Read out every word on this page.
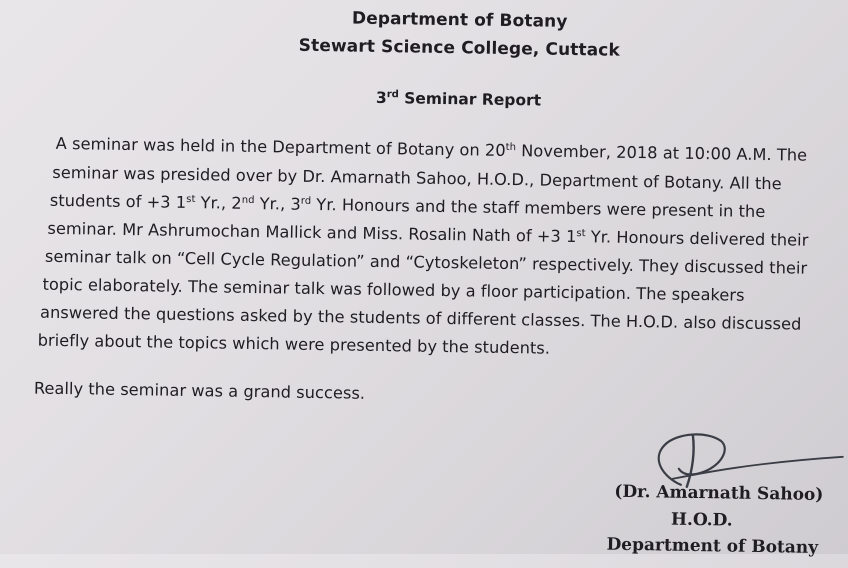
Department of Botany
Stewart Science College, Cuttack
3rd Seminar Report
A seminar was held in the Department of Botany on 20th November, 2018 at 10:00 A.M. The
seminar was presided over by Dr. Amarnath Sahoo, H.O.D., Department of Botany. All the
students of +3 1st Yr., 2nd Yr., 3rd Yr. Honours and the staff members were present in the
seminar. Mr Ashrumochan Mallick and Miss. Rosalin Nath of +3 1st Yr. Honours delivered their
seminar talk on “Cell Cycle Regulation” and “Cytoskeleton” respectively. They discussed their
topic elaborately. The seminar talk was followed by a floor participation. The speakers
answered the questions asked by the students of different classes. The H.O.D. also discussed
briefly about the topics which were presented by the students.
Really the seminar was a grand success.
(Dr. Amarnath Sahoo)
H.O.D.
Department of Botany
